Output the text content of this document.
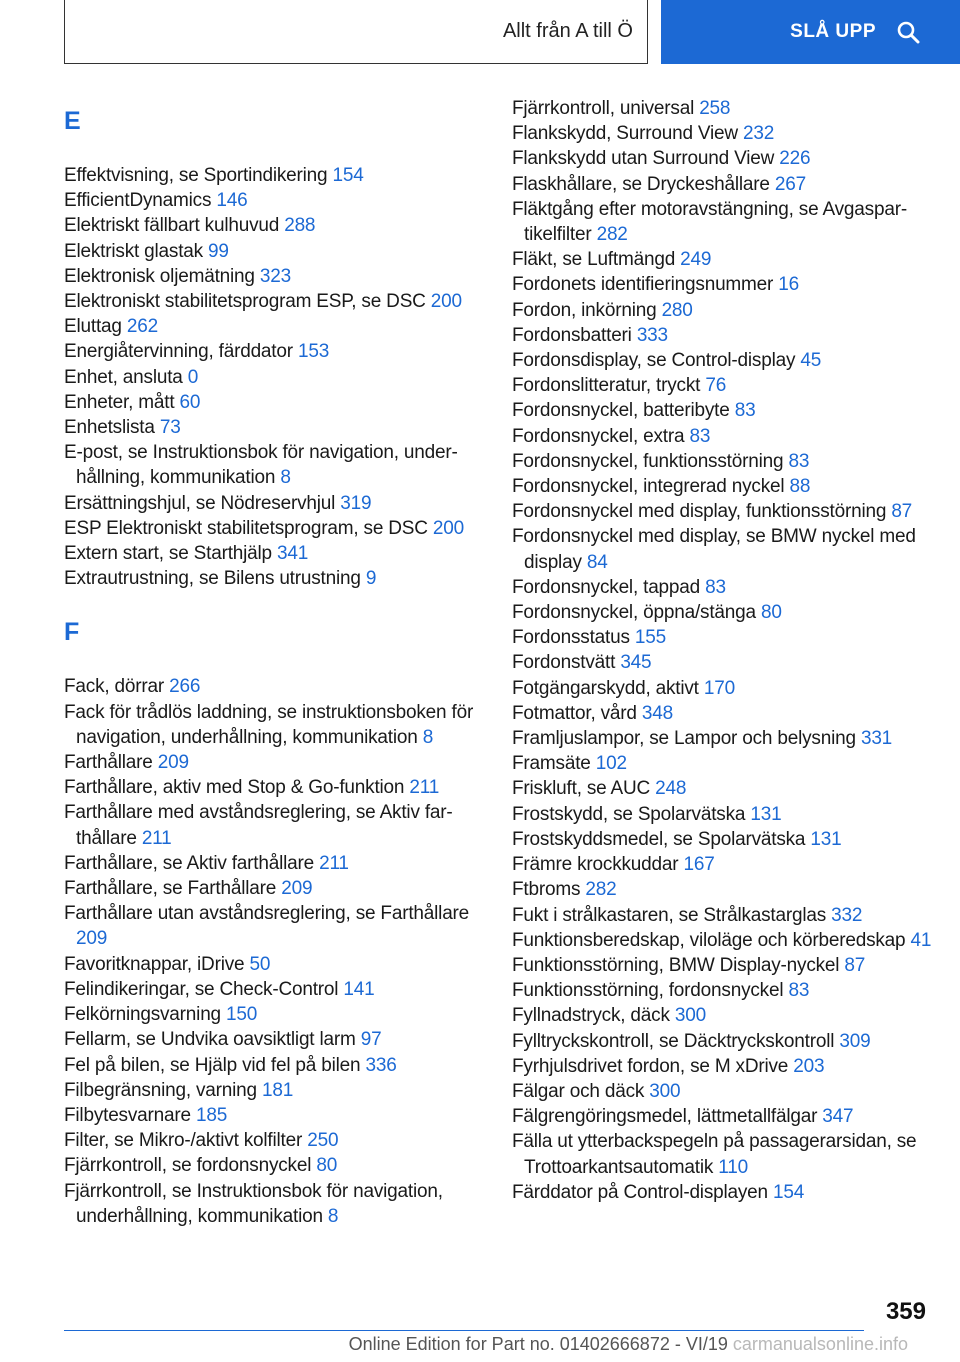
Allt från A till Ö	SLÅ UPP
E
Effektvisning, se Sportindikering 154
EfficientDynamics 146
Elektriskt fällbart kulhuvud 288
Elektriskt glastak 99
Elektronisk oljemätning 323
Elektroniskt stabilitetsprogram ESP, se DSC 200
Eluttag 262
Energiåtervinning, färddator 153
Enhet, ansluta 0
Enheter, mått 60
Enhetslista 73
E-post, se Instruktionsbok för navigation, underhållning, kommunikation 8
Ersättningshjul, se Nödreservhjul 319
ESP Elektroniskt stabilitetsprogram, se DSC 200
Extern start, se Starthjälp 341
Extrautrustning, se Bilens utrustning 9
F
Fack, dörrar 266
Fack för trådlös laddning, se instruktionsboken för navigation, underhållning, kommunikation 8
Farthållare 209
Farthållare, aktiv med Stop & Go-funktion 211
Farthållare med avståndsreglering, se Aktiv farthållare 211
Farthållare, se Aktiv farthållare 211
Farthållare, se Farthållare 209
Farthållare utan avståndsreglering, se Farthållare 209
Favoritknappar, iDrive 50
Felindikeringar, se Check-Control 141
Felkörningsvarning 150
Fellarm, se Undvika oavsiktligt larm 97
Fel på bilen, se Hjälp vid fel på bilen 336
Filbegränsning, varning 181
Filbytesvarnare 185
Filter, se Mikro-/aktivt kolfilter 250
Fjärrkontroll, se fordonsnyckel 80
Fjärrkontroll, se Instruktionsbok för navigation, underhållning, kommunikation 8
Fjärrkontroll, universal 258
Flankskydd, Surround View 232
Flankskydd utan Surround View 226
Flaskhållare, se Dryckeshållare 267
Fläktgång efter motoravstängning, se Avgaspartikelfilter 282
Fläkt, se Luftmängd 249
Fordonets identifieringsnummer 16
Fordon, inkörning 280
Fordonsbatteri 333
Fordonsdisplay, se Control-display 45
Fordonslitteratur, tryckt 76
Fordonsnyckel, batteribyte 83
Fordonsnyckel, extra 83
Fordonsnyckel, funktionsstörning 83
Fordonsnyckel, integrerad nyckel 88
Fordonsnyckel med display, funktionsstörning 87
Fordonsnyckel med display, se BMW nyckel med display 84
Fordonsnyckel, tappad 83
Fordonsnyckel, öppna/stänga 80
Fordonsstatus 155
Fordonstvätt 345
Fotgängarskydd, aktivt 170
Fotmattor, vård 348
Framljuslampor, se Lampor och belysning 331
Framsäte 102
Friskluft, se AUC 248
Frostskydd, se Spolarvätska 131
Frostskyddsmedel, se Spolarvätska 131
Främre krockkuddar 167
Ftbroms 282
Fukt i strålkastaren, se Strålkastarglas 332
Funktionsberedskap, viloläge och körberedskap 41
Funktionsstörning, BMW Display-nyckel 87
Funktionsstörning, fordonsnyckel 83
Fyllnadstryck, däck 300
Fylltryckskontroll, se Däcktryckskontroll 309
Fyrhjulsdrivet fordon, se M xDrive 203
Fälgar och däck 300
Fälgrengöringsmedel, lättmetallfälgar 347
Fälla ut ytterbackspegeln på passagerarsidan, se Trottoarkantsautomatik 110
Färddator på Control-displayen 154
359
Online Edition for Part no. 01402666872 - VI/19 carmanualsonline.info
